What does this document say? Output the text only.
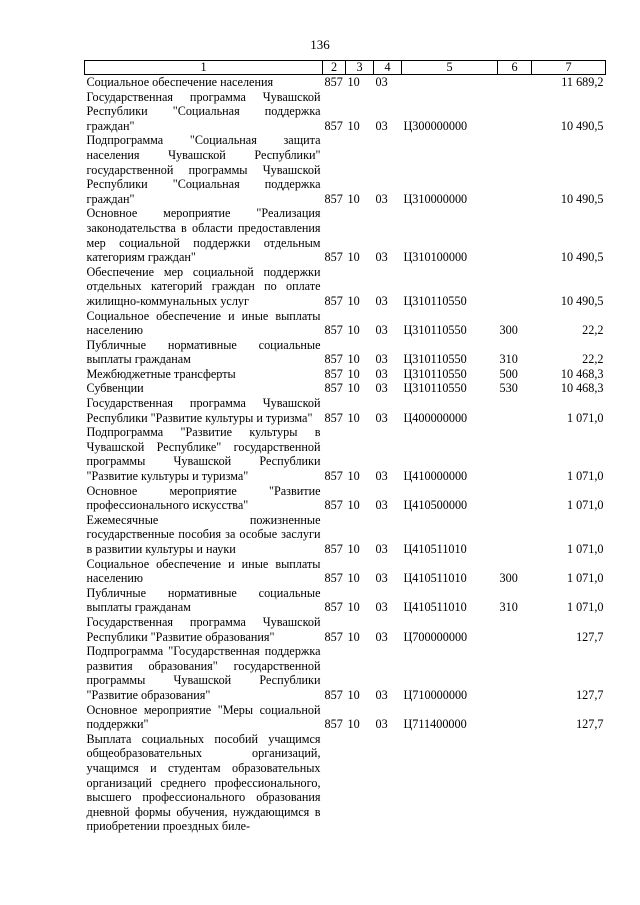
136
1	2	3	4	5	6	7
Социальное обеспечение населения	857	10	03			11 689,2
Государственная программа Чувашской Республики "Социальная поддержка граждан"	857	10	03	Ц300000000		10 490,5
Подпрограмма "Социальная защита населения Чувашской Республики" государственной программы Чувашской Республики "Социальная поддержка граждан"	857	10	03	Ц310000000		10 490,5
Основное мероприятие "Реализация законодательства в области предоставления мер социальной поддержки отдельным категориям граждан"	857	10	03	Ц310100000		10 490,5
Обеспечение мер социальной поддержки отдельных категорий граждан по оплате жилищно-коммунальных услуг	857	10	03	Ц310110550		10 490,5
Социальное обеспечение и иные выплаты населению	857	10	03	Ц310110550	300	22,2
Публичные нормативные социальные выплаты гражданам	857	10	03	Ц310110550	310	22,2
Межбюджетные трансферты	857	10	03	Ц310110550	500	10 468,3
Субвенции	857	10	03	Ц310110550	530	10 468,3
Государственная программа Чувашской Республики "Развитие культуры и туризма"	857	10	03	Ц400000000		1 071,0
Подпрограмма "Развитие культуры в Чувашской Республике" государственной программы Чувашской Республики "Развитие культуры и туризма"	857	10	03	Ц410000000		1 071,0
Основное мероприятие "Развитие профессионального искусства"	857	10	03	Ц410500000		1 071,0
Ежемесячные пожизненные государственные пособия за особые заслуги в развитии культуры и науки	857	10	03	Ц410511010		1 071,0
Социальное обеспечение и иные выплаты населению	857	10	03	Ц410511010	300	1 071,0
Публичные нормативные социальные выплаты гражданам	857	10	03	Ц410511010	310	1 071,0
Государственная программа Чувашской Республики "Развитие образования"	857	10	03	Ц700000000		127,7
Подпрограмма "Государственная поддержка развития образования" государственной программы Чувашской Республики "Развитие образования"	857	10	03	Ц710000000		127,7
Основное мероприятие "Меры социальной поддержки"	857	10	03	Ц711400000		127,7
Выплата социальных пособий учащимся общеобразовательных организаций, учащимся и студентам образовательных организаций среднего профессионального, высшего профессионального образования дневной формы обучения, нуждающимся в приобретении проездных биле-						
